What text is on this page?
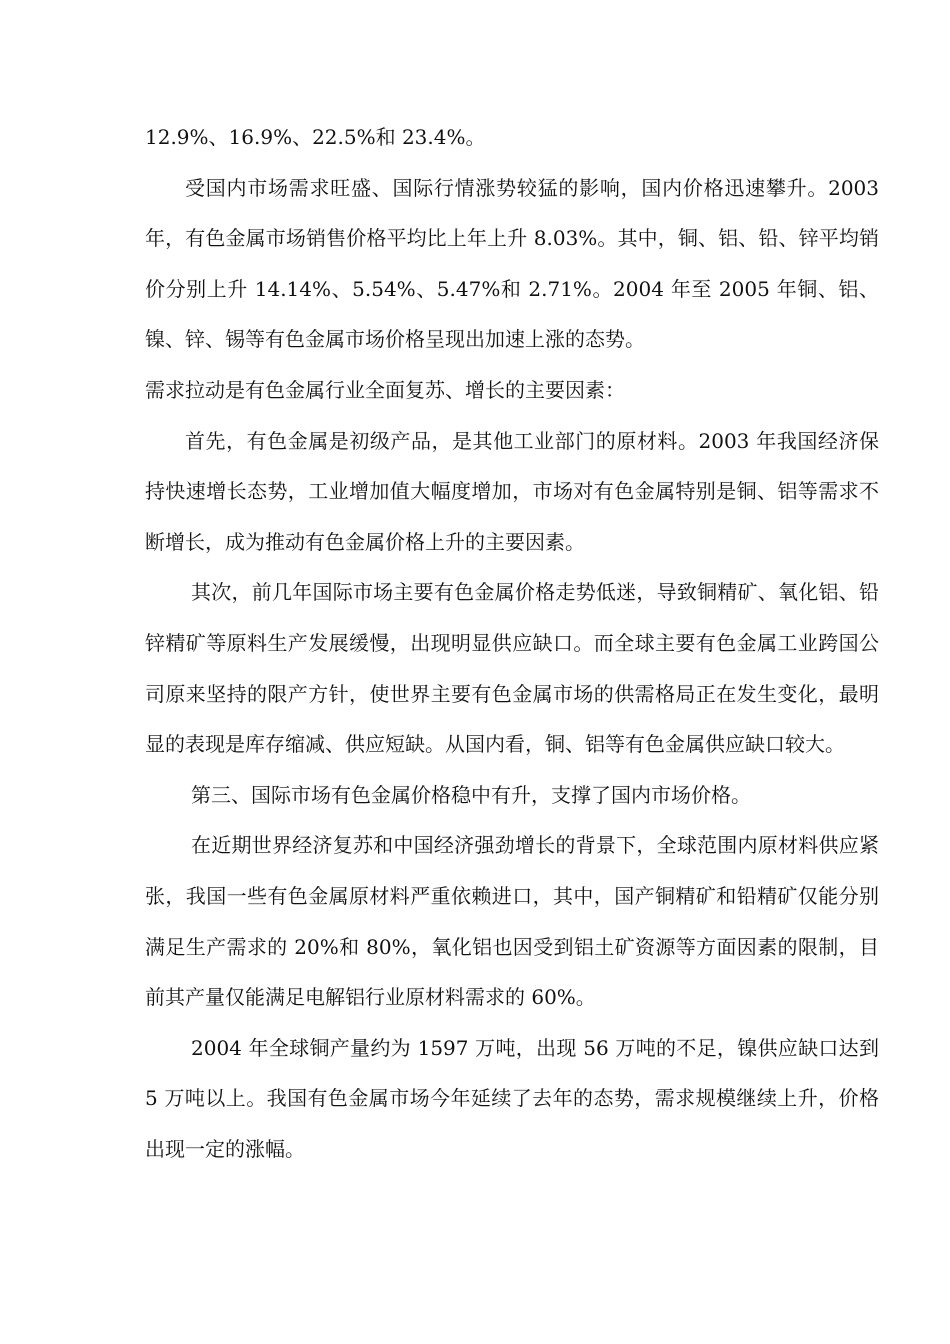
12.9%、16.9%、22.5%和 23.4%。

受国内市场需求旺盛、国际行情涨势较猛的影响，国内价格迅速攀升。2003 年，有色金属市场销售价格平均比上年上升 8.03%。其中，铜、铝、铅、锌平均销价分别上升 14.14%、5.54%、5.47%和 2.71%。2004 年至 2005 年铜、铝、镍、锌、锡等有色金属市场价格呈现出加速上涨的态势。

需求拉动是有色金属行业全面复苏、增长的主要因素：

首先，有色金属是初级产品，是其他工业部门的原材料。2003 年我国经济保持快速增长态势，工业增加值大幅度增加，市场对有色金属特别是铜、铝等需求不断增长，成为推动有色金属价格上升的主要因素。

其次，前几年国际市场主要有色金属价格走势低迷，导致铜精矿、氧化铝、铅锌精矿等原料生产发展缓慢，出现明显供应缺口。而全球主要有色金属工业跨国公司原来坚持的限产方针，使世界主要有色金属市场的供需格局正在发生变化，最明显的表现是库存缩减、供应短缺。从国内看，铜、铝等有色金属供应缺口较大。

第三、国际市场有色金属价格稳中有升，支撑了国内市场价格。

在近期世界经济复苏和中国经济强劲增长的背景下，全球范围内原材料供应紧张，我国一些有色金属原材料严重依赖进口，其中，国产铜精矿和铅精矿仅能分别满足生产需求的 20%和 80%，氧化铝也因受到铝土矿资源等方面因素的限制，目前其产量仅能满足电解铝行业原材料需求的 60%。

2004 年全球铜产量约为 1597 万吨，出现 56 万吨的不足，镍供应缺口达到 5 万吨以上。我国有色金属市场今年延续了去年的态势，需求规模继续上升，价格出现一定的涨幅。
